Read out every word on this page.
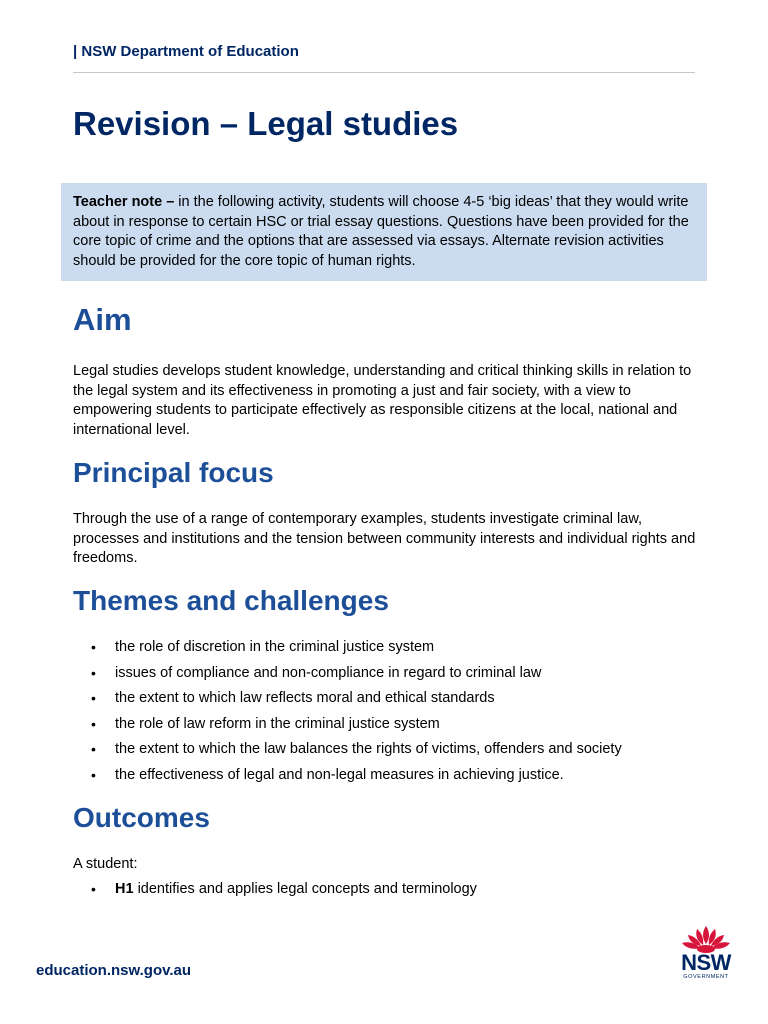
| NSW Department of Education
Revision – Legal studies
Teacher note – in the following activity, students will choose 4-5 ‘big ideas’ that they would write about in response to certain HSC or trial essay questions. Questions have been provided for the core topic of crime and the options that are assessed via essays. Alternate revision activities should be provided for the core topic of human rights.
Aim

Legal studies develops student knowledge, understanding and critical thinking skills in relation to the legal system and its effectiveness in promoting a just and fair society, with a view to empowering students to participate effectively as responsible citizens at the local, national and international level.

Principal focus

Through the use of a range of contemporary examples, students investigate criminal law, processes and institutions and the tension between community interests and individual rights and freedoms.

Themes and challenges
• the role of discretion in the criminal justice system
• issues of compliance and non-compliance in regard to criminal law
• the extent to which law reflects moral and ethical standards
• the role of law reform in the criminal justice system
• the extent to which the law balances the rights of victims, offenders and society
• the effectiveness of legal and non-legal measures in achieving justice.
Outcomes

A student:

• H1 identifies and applies legal concepts and terminology
education.nsw.gov.au	NSW
GOVERNMENT
